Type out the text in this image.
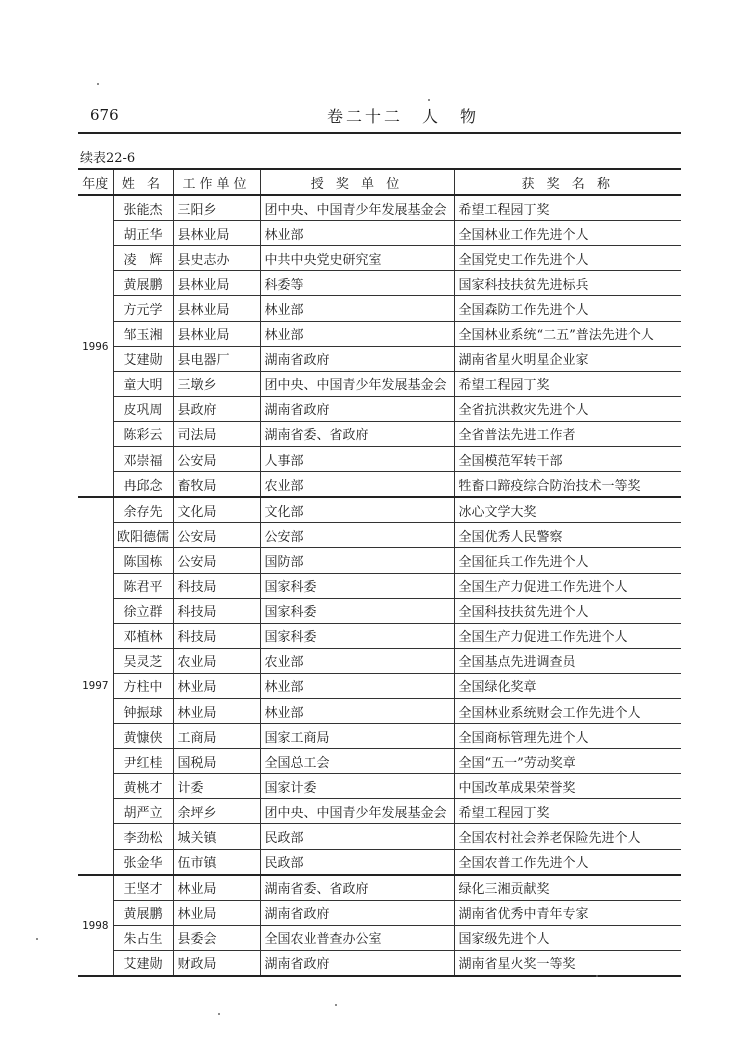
676	卷二十二　人　物
续表22-6
年度	姓 名	工作单位	授 奖 单 位	获 奖 名 称
1996	张能杰	三阳乡	团中央、中国青少年发展基金会	希望工程园丁奖
	胡正华	县林业局	林业部	全国林业工作先进个人
	凌　辉	县史志办	中共中央党史研究室	全国党史工作先进个人
	黄展鹏	县林业局	科委等	国家科技扶贫先进标兵
	方元学	县林业局	林业部	全国森防工作先进个人
	邹玉湘	县林业局	林业部	全国林业系统“二五”普法先进个人
	艾建勋	县电器厂	湖南省政府	湖南省星火明星企业家
	童大明	三墩乡	团中央、中国青少年发展基金会	希望工程园丁奖
	皮巩周	县政府	湖南省政府	全省抗洪救灾先进个人
	陈彩云	司法局	湖南省委、省政府	全省普法先进工作者
	邓崇福	公安局	人事部	全国模范军转干部
	冉邱念	畜牧局	农业部	牲畜口蹄疫综合防治技术一等奖
1997	余存先	文化局	文化部	冰心文学大奖
	欧阳德儒	公安局	公安部	全国优秀人民警察
	陈国栋	公安局	国防部	全国征兵工作先进个人
	陈君平	科技局	国家科委	全国生产力促进工作先进个人
	徐立群	科技局	国家科委	全国科技扶贫先进个人
	邓植林	科技局	国家科委	全国生产力促进工作先进个人
	吴灵芝	农业局	农业部	全国基点先进调查员
	方柱中	林业局	林业部	全国绿化奖章
	钟振球	林业局	林业部	全国林业系统财会工作先进个人
	黄慷侠	工商局	国家工商局	全国商标管理先进个人
	尹红桂	国税局	全国总工会	全国“五一”劳动奖章
	黄桃才	计委	国家计委	中国改革成果荣誉奖
	胡严立	余坪乡	团中央、中国青少年发展基金会	希望工程园丁奖
	李劲松	城关镇	民政部	全国农村社会养老保险先进个人
	张金华	伍市镇	民政部	全国农普工作先进个人
1998	王坚才	林业局	湖南省委、省政府	绿化三湘贡献奖
	黄展鹏	林业局	湖南省政府	湖南省优秀中青年专家
	朱占生	县委会	全国农业普查办公室	国家级先进个人
	艾建勋	财政局	湖南省政府	湖南省星火奖一等奖
